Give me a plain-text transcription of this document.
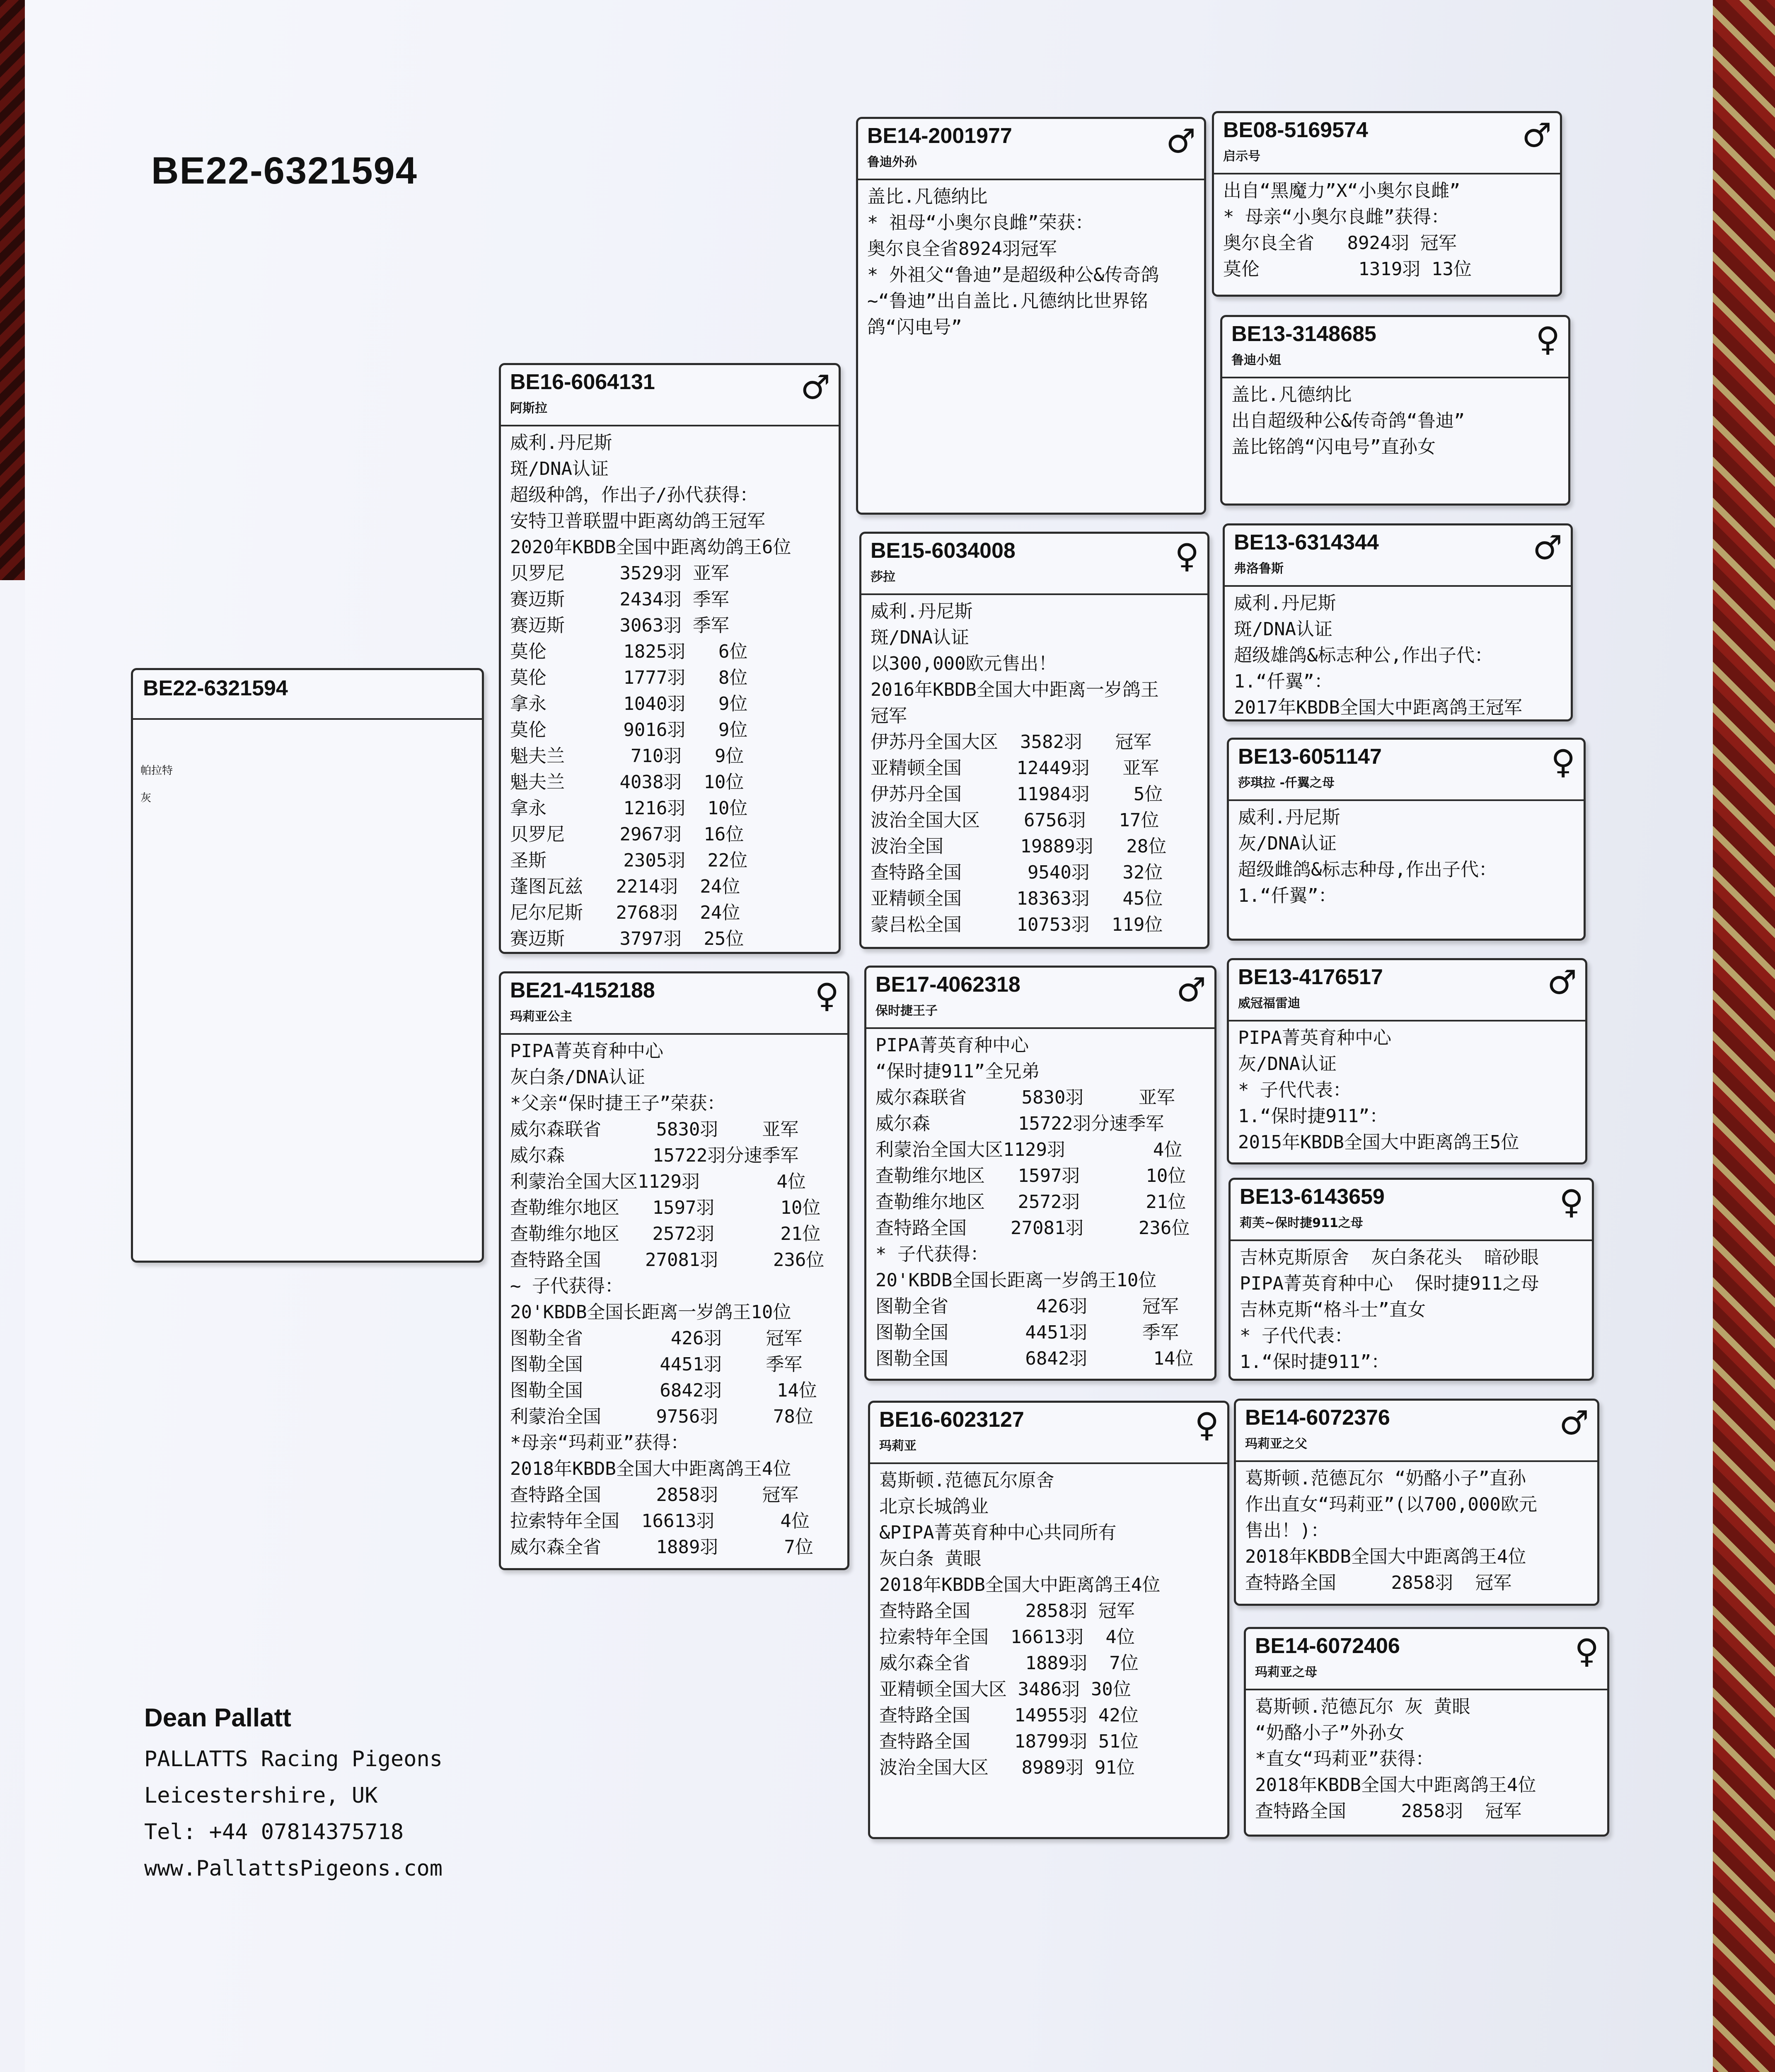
BE22-6321594
BE22-6321594
帕拉特
灰
BE16-6064131
阿斯拉
♂
威利.丹尼斯
斑/DNA认证
超级种鸽，作出子/孙代获得：
安特卫普联盟中距离幼鸽王冠军
2020年KBDB全国中距离幼鸽王6位
贝罗尼     3529羽 亚军
赛迈斯     2434羽 季军
赛迈斯     3063羽 季军
莫伦       1825羽   6位
莫伦       1777羽   8位
拿永       1040羽   9位
莫伦       9016羽   9位
魁夫兰      710羽   9位
魁夫兰     4038羽  10位
拿永       1216羽  10位
贝罗尼     2967羽  16位
圣斯       2305羽  22位
蓬图瓦兹   2214羽  24位
尼尔尼斯   2768羽  24位
赛迈斯     3797羽  25位
BE21-4152188
玛莉亚公主
♀
PIPA菁英育种中心
灰白条/DNA认证
*父亲“保时捷王子”荣获：
威尔森联省     5830羽    亚军
威尔森        15722羽分速季军
利蒙治全国大区1129羽       4位
查勒维尔地区   1597羽      10位
查勒维尔地区   2572羽      21位
查特路全国    27081羽     236位
~ 子代获得：
20'KBDB全国长距离一岁鸽王10位
图勒全省        426羽    冠军
图勒全国       4451羽    季军
图勒全国       6842羽     14位
利蒙治全国     9756羽     78位
*母亲“玛莉亚”获得：
2018年KBDB全国大中距离鸽王4位
查特路全国     2858羽    冠军
拉索特年全国  16613羽      4位
威尔森全省     1889羽      7位
BE14-2001977
鲁迪外孙
♂
盖比.凡德纳比
* 祖母“小奥尔良雌”荣获：
奥尔良全省8924羽冠军
* 外祖父“鲁迪”是超级种公&传奇鸽
~“鲁迪”出自盖比.凡德纳比世界铭
鸽“闪电号”
BE15-6034008
莎拉
♀
威利.丹尼斯
斑/DNA认证
以300,000欧元售出！
2016年KBDB全国大中距离一岁鸽王
冠军
伊苏丹全国大区  3582羽   冠军
亚精顿全国     12449羽   亚军
伊苏丹全国     11984羽    5位
波治全国大区    6756羽   17位
波治全国       19889羽   28位
查特路全国      9540羽   32位
亚精顿全国     18363羽   45位
蒙吕松全国     10753羽  119位
BE17-4062318
保时捷王子
♂
PIPA菁英育种中心
“保时捷911”全兄弟
威尔森联省     5830羽     亚军
威尔森        15722羽分速季军
利蒙治全国大区1129羽        4位
查勒维尔地区   1597羽      10位
查勒维尔地区   2572羽      21位
查特路全国    27081羽     236位
* 子代获得：
20'KBDB全国长距离一岁鸽王10位
图勒全省        426羽     冠军
图勒全国       4451羽     季军
图勒全国       6842羽      14位
BE16-6023127
玛莉亚
♀
葛斯顿.范德瓦尔原舍
北京长城鸽业
&PIPA菁英育种中心共同所有
灰白条 黄眼
2018年KBDB全国大中距离鸽王4位
查特路全国     2858羽 冠军
拉索特年全国  16613羽  4位
威尔森全省     1889羽  7位
亚精顿全国大区 3486羽 30位
查特路全国    14955羽 42位
查特路全国    18799羽 51位
波治全国大区   8989羽 91位
BE08-5169574
启示号
♂
出自“黑魔力”X“小奥尔良雌”
* 母亲“小奥尔良雌”获得：
奥尔良全省   8924羽 冠军
莫伦         1319羽 13位
BE13-3148685
鲁迪小姐
♀
盖比.凡德纳比
出自超级种公&传奇鸽“鲁迪”
盖比铭鸽“闪电号”直孙女
BE13-6314344
弗洛鲁斯
♂
威利.丹尼斯
斑/DNA认证
超级雄鸽&标志种公,作出子代：
1.“仟翼”：
2017年KBDB全国大中距离鸽王冠军
BE13-6051147
莎琪拉 -仟翼之母
♀
威利.丹尼斯
灰/DNA认证
超级雌鸽&标志种母,作出子代：
1.“仟翼”：
BE13-4176517
威冠福雷迪
♂
PIPA菁英育种中心
灰/DNA认证
* 子代代表：
1.“保时捷911”：
2015年KBDB全国大中距离鸽王5位
BE13-6143659
莉芙~保时捷911之母
♀
吉林克斯原舍  灰白条花头  暗砂眼
PIPA菁英育种中心  保时捷911之母
吉林克斯“格斗士”直女
* 子代代表：
1.“保时捷911”：
BE14-6072376
玛莉亚之父
♂
葛斯顿.范德瓦尔 “奶酪小子”直孙
作出直女“玛莉亚”(以700,000欧元
售出！)：
2018年KBDB全国大中距离鸽王4位
查特路全国     2858羽  冠军
BE14-6072406
玛莉亚之母
♀
葛斯顿.范德瓦尔 灰 黄眼
“奶酪小子”外孙女
*直女“玛莉亚”获得：
2018年KBDB全国大中距离鸽王4位
查特路全国     2858羽  冠军
Dean Pallatt
PALLATTS Racing Pigeons
Leicestershire, UK
Tel: +44 07814375718
www.PallattsPigeons.com
